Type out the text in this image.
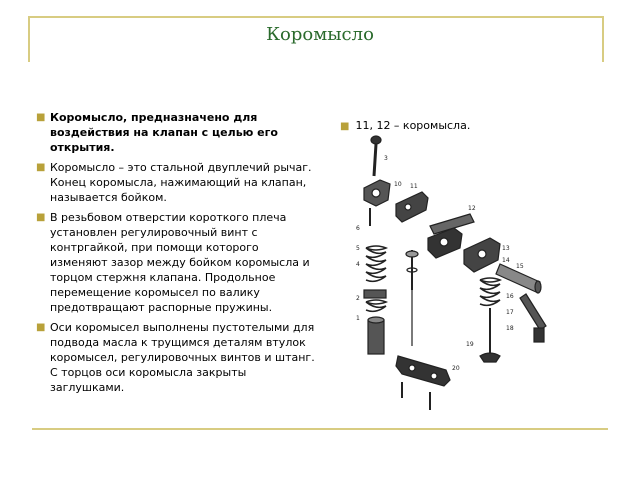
Коромысло
■ Коромысло, предназначено для воздействия на клапан с целью его открытия.
■ Коромысло – это стальной двуплечий рычаг. Конец коромысла, нажимающий на клапан, называется бойком.
■ В резьбовом отверстии короткого плеча установлен регулировочный винт с контргайкой, при помощи которого изменяют зазор между бойком коромысла и торцом стержня клапана. Продольное перемещение коромысел по валику предотвращают распорные пружины.
■ Оси коромысел выполнены пустотелыми для подвода масла к трущимся деталям втулок коромысел, регулировочных винтов и штанг. С торцов оси коромысла закрыты заглушками.
■ 11, 12 – коромысла.
3
10 11
12
13
14
15
16
17
18
19
20
6
5
4
2
1
